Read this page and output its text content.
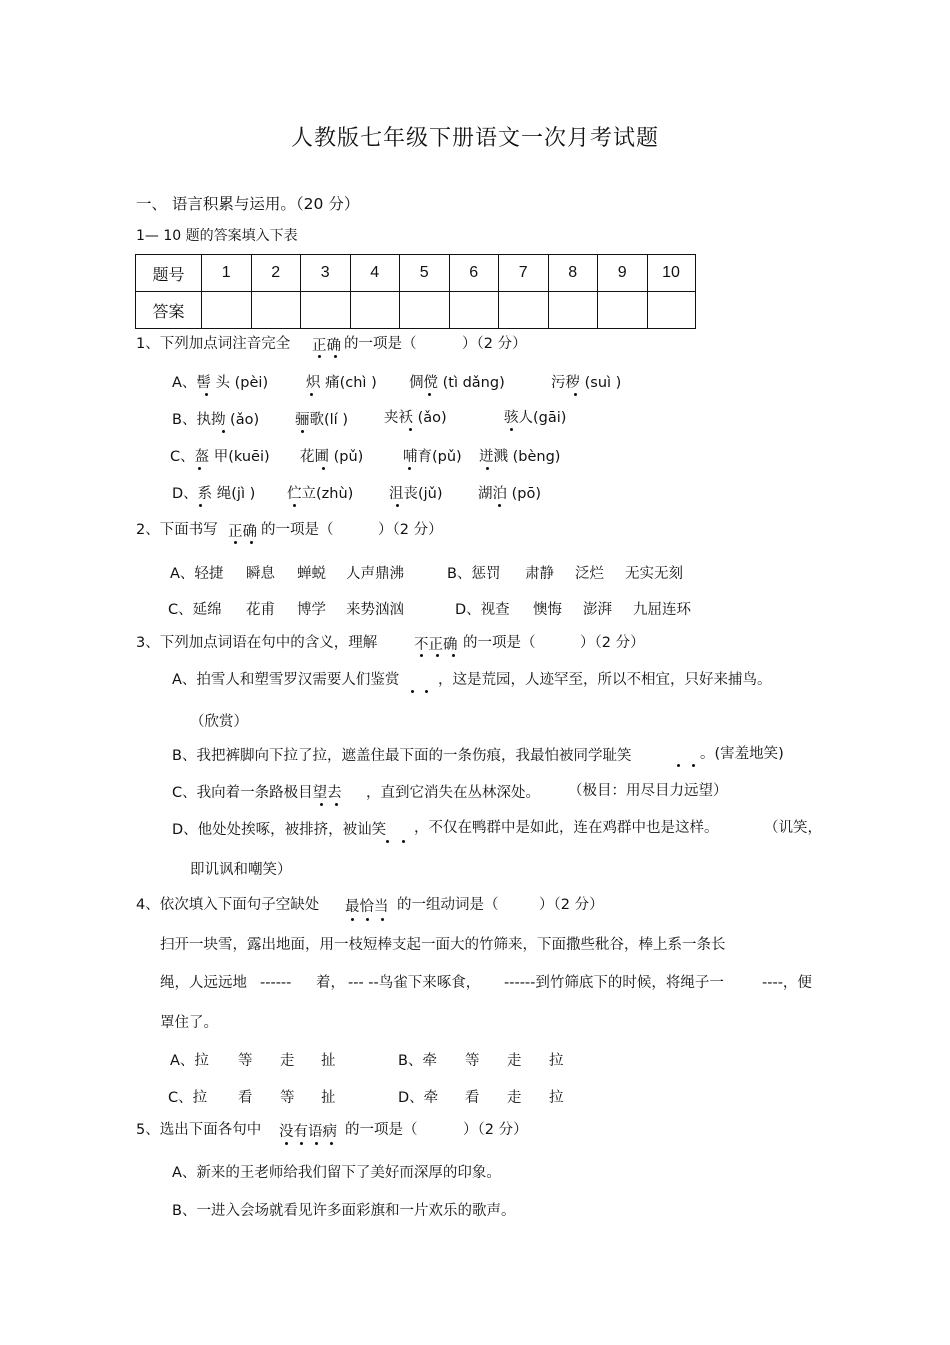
人教版七年级下册语文一次月考试题
一、 语言积累与运用。（20 分）
1— 10 题的答案填入下表
题号	1	2	3	4	5	6	7	8	9	10
答案										
1、下列加点词注音完全 正确 的一项是（	）（2 分）
A、髻 头 (pèi)	炽 痛(chì ) 倜傥 (tì dǎng)	污秽 (suì )
B、执拗 (ǎo) 骊歌(lí ) 夹袄 (ǎo)	骇人(gāi)
C、盔 甲(kuēi) 花圃 (pǔ)	哺育(pǔ) 迸溅 (bèng)
D、系 绳(jì ) 伫立(zhù) 沮丧(jǔ) 湖泊 (pō)
2、下面书写 正确 的一项是（	）（2 分）
A、轻捷 瞬息 蝉蜕 人声鼎沸	B、惩罚 肃静 泛烂 无实无刻
C、延绵 花甫 博学 来势汹汹	D、视查 懊悔 澎湃 九屈连环
3、下列加点词语在句中的含义，理解	不正确 的一项是（	）（2 分）
A、拍雪人和塑雪罗汉需要人们鉴赏	，这是荒园，人迹罕至，所以不相宜，只好来捕鸟。
（欣赏）
B、我把裤脚向下拉了拉，遮盖住最下面的一条伤痕，我最怕被同学耻笑	。(害羞地笑)
C、我向着一条路极目望去 ，直到它消失在丛林深处。 （极目：用尽目力远望）
D、他处处挨啄，被排挤，被讪笑 ，不仅在鸭群中是如此，连在鸡群中也是这样。	（讥笑，
即讥讽和嘲笑）
4、依次填入下面句子空缺处 最恰当 的一组动词是（	）（2 分）
扫开一块雪，露出地面，用一枝短棒支起一面大的竹筛来，下面撒些秕谷，棒上系一条长
绳，人远远地 ------ 着， --- --鸟雀下来啄食， ------到竹筛底下的时候，将绳子一	----，便
罩住了。
A、拉 等 走 扯	B、牵 等 走 拉
C、拉 看 等 扯	D、牵 看 走 拉
5、选出下面各句中 没有语病 的一项是（	）（2 分）
A、新来的王老师给我们留下了美好而深厚的印象。
B、一进入会场就看见许多面彩旗和一片欢乐的歌声。
